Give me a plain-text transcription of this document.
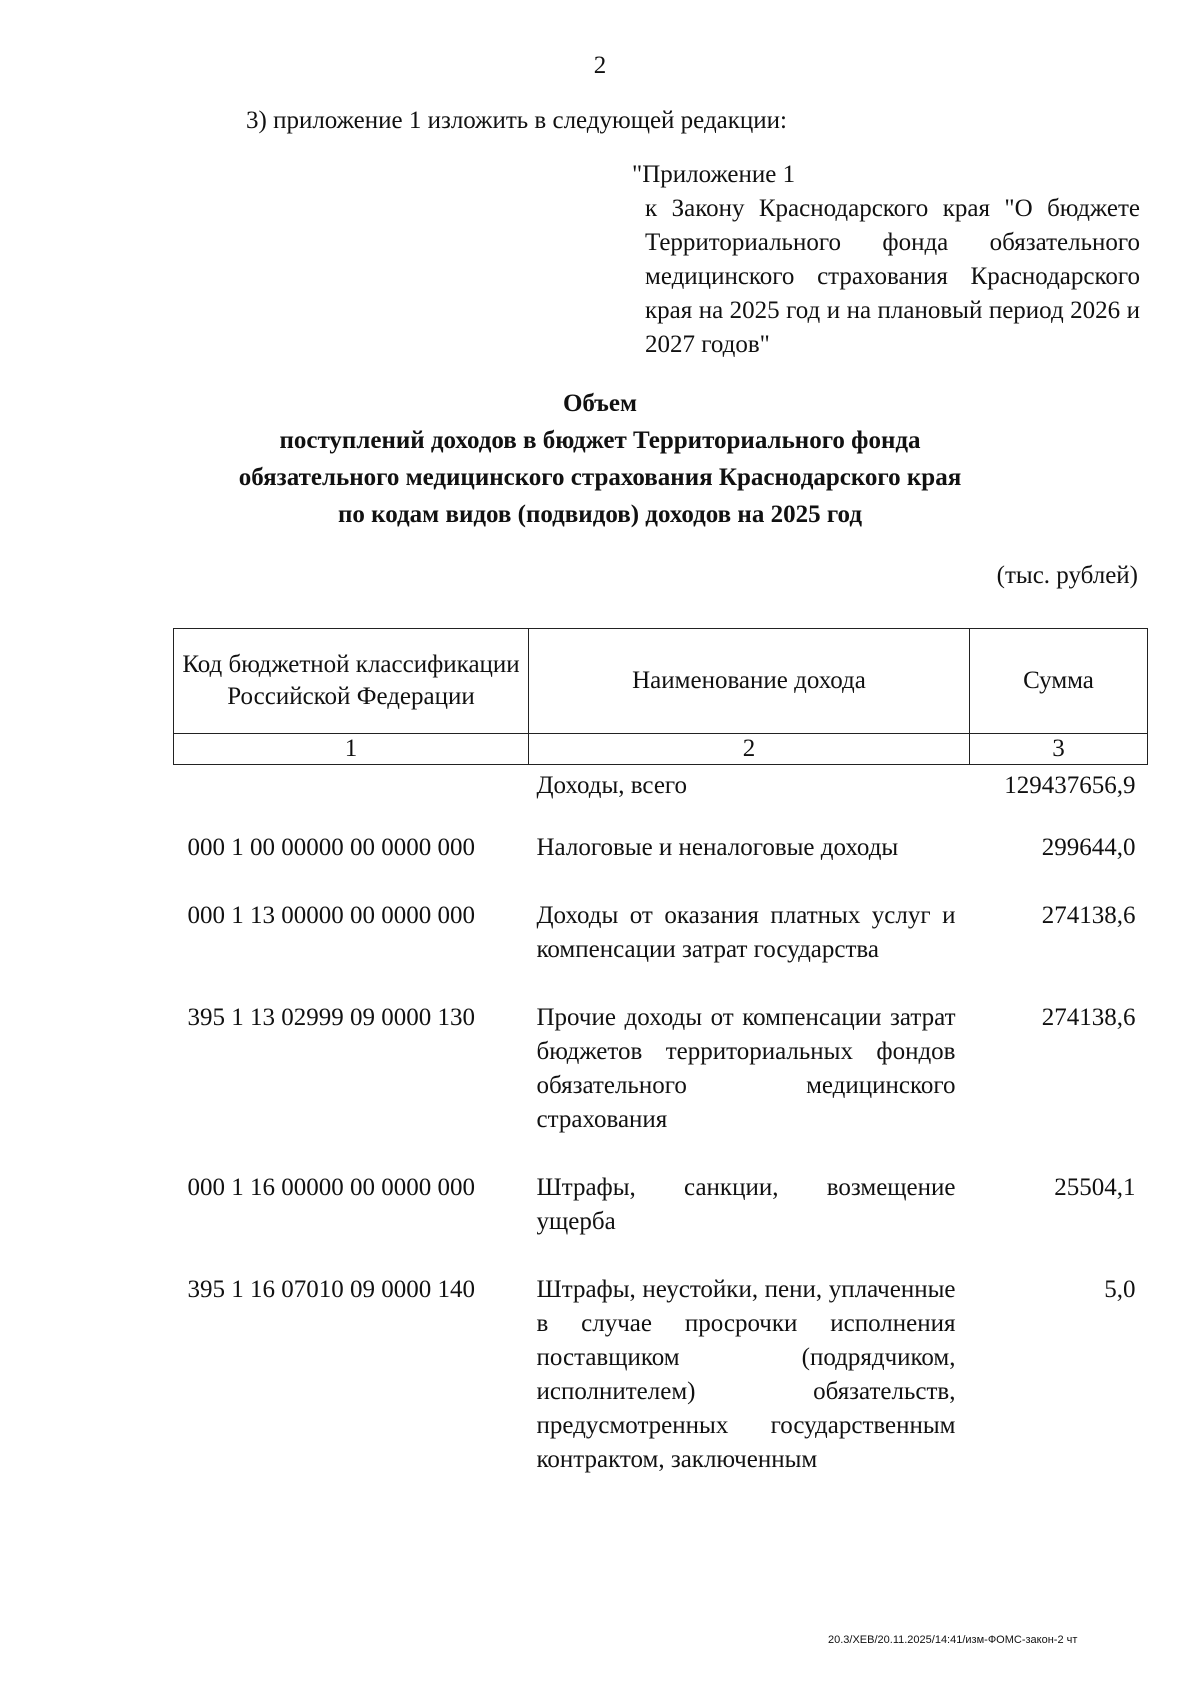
2
3) приложение 1 изложить в следующей редакции:
"Приложение 1
к Закону Краснодарского края "О бюджете Территориального фонда обязательного медицинского страхования Краснодарского края на 2025 год и на плановый период 2026 и 2027 годов"
Объем
поступлений доходов в бюджет Территориального фонда
обязательного медицинского страхования Краснодарского края
по кодам видов (подвидов) доходов на 2025 год
(тыс. рублей)
Код бюджетной классификации Российской Федерации	Наименование дохода	Сумма
1	2	3
	Доходы, всего	129437656,9
000 1 00 00000 00 0000 000	Налоговые и неналоговые доходы	299644,0
000 1 13 00000 00 0000 000	Доходы от оказания платных услуг и компенсации затрат государства	274138,6
395 1 13 02999 09 0000 130	Прочие доходы от компенсации затрат бюджетов территориальных фондов обязательного медицинского страхования	274138,6
000 1 16 00000 00 0000 000	Штрафы, санкции, возмещение ущерба	25504,1
395 1 16 07010 09 0000 140	Штрафы, неустойки, пени, уплаченные в случае просрочки исполнения поставщиком (подрядчиком, исполнителем) обязательств, предусмотренных государственным контрактом, заключенным	5,0
20.3/ХЕВ/20.11.2025/14:41/изм-ФОМС-закон-2 чт
